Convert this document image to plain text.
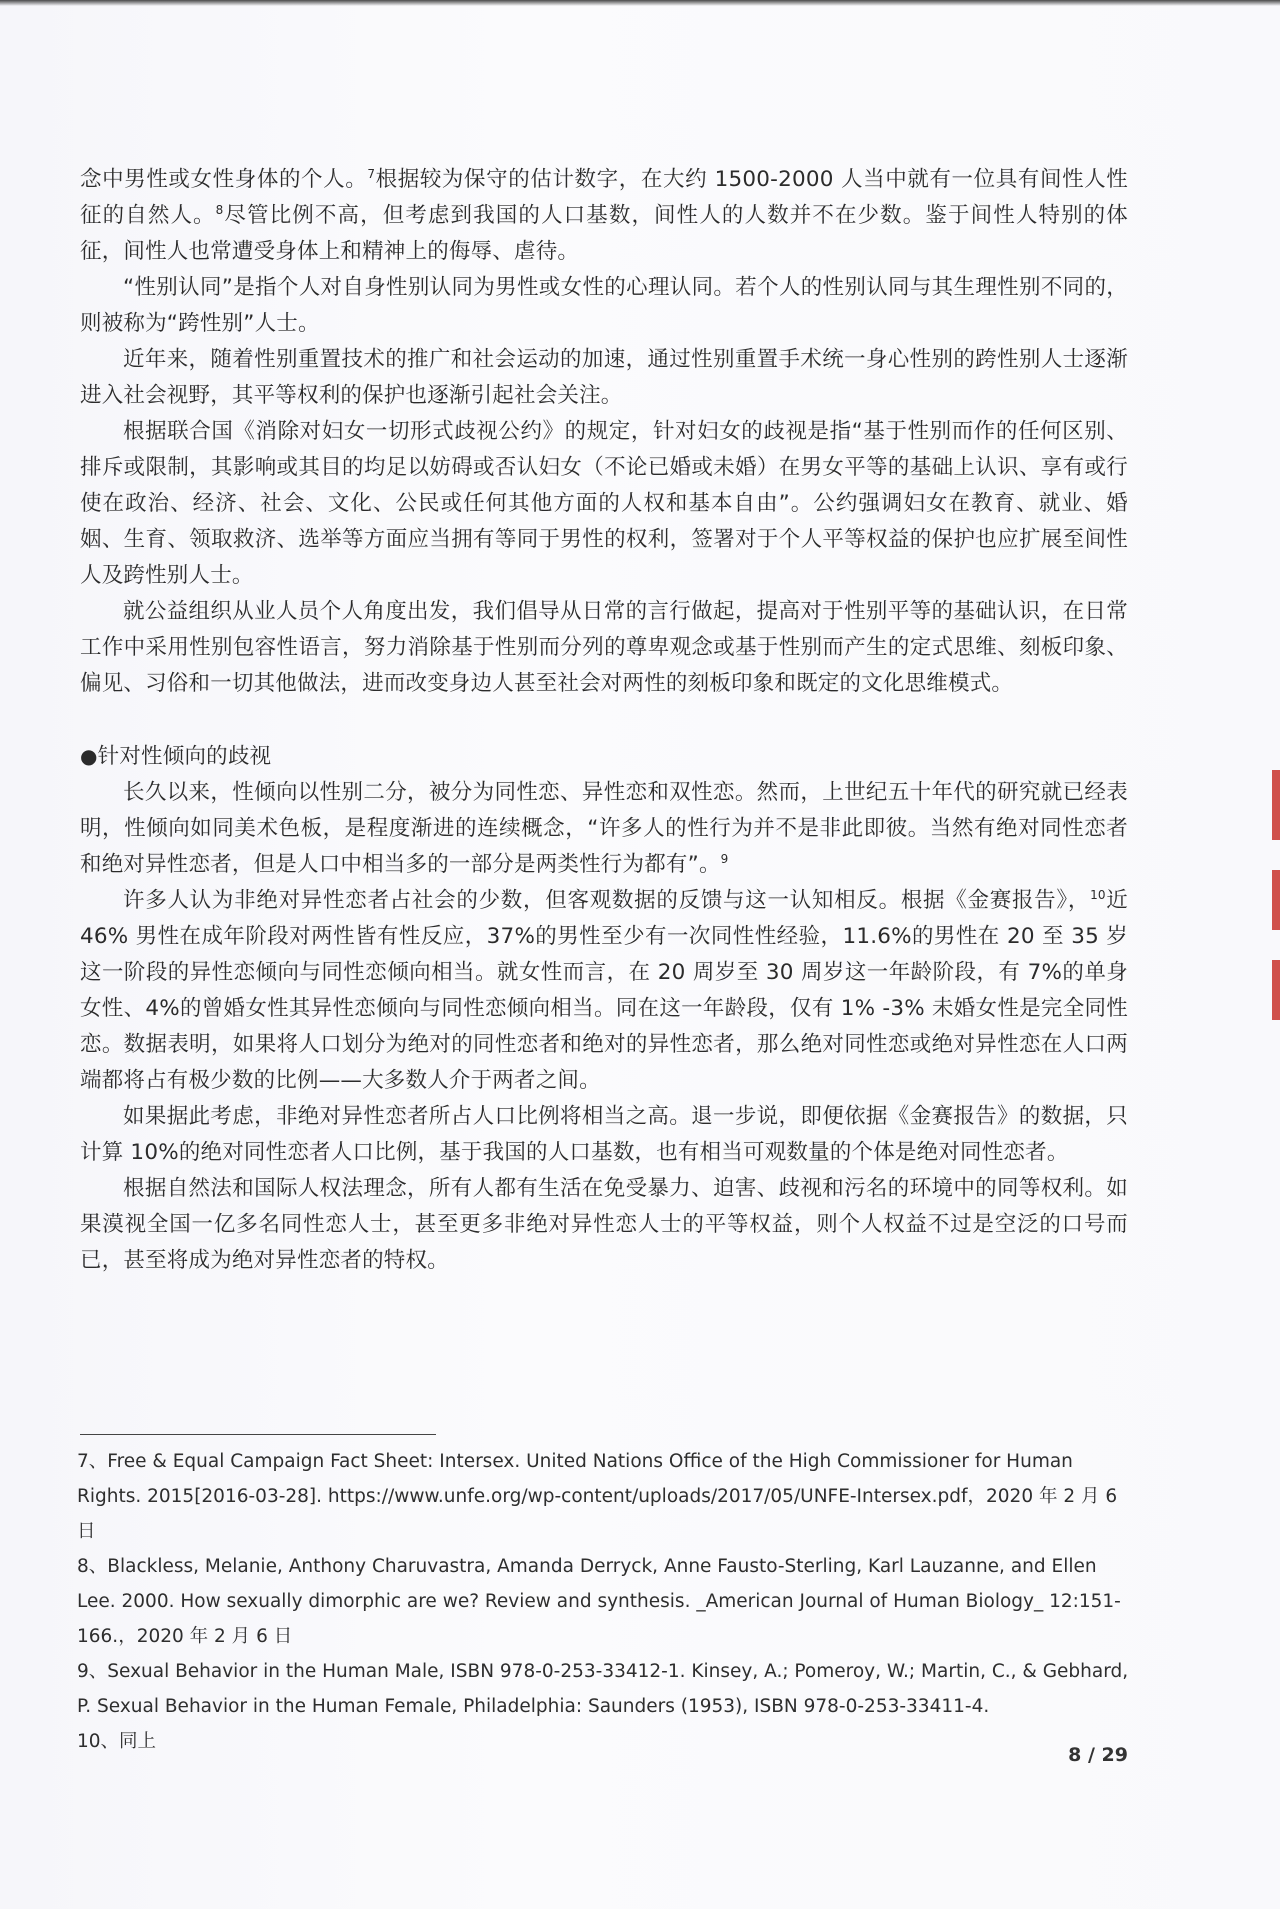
念中男性或女性身体的个人。$^7$根据较为保守的估计数字，在大约 1500-2000 人当中就有一位具有间性人性征的自然人。$^8$尽管比例不高，但考虑到我国的人口基数，间性人的人数并不在少数。鉴于间性人特别的体征，间性人也常遭受身体上和精神上的侮辱、虐待。

“性别认同”是指个人对自身性别认同为男性或女性的心理认同。若个人的性别认同与其生理性别不同的，则被称为“跨性别”人士。

近年来，随着性别重置技术的推广和社会运动的加速，通过性别重置手术统一身心性别的跨性别人士逐渐进入社会视野，其平等权利的保护也逐渐引起社会关注。

根据联合国《消除对妇女一切形式歧视公约》的规定，针对妇女的歧视是指“基于性别而作的任何区别、排斥或限制，其影响或其目的均足以妨碍或否认妇女（不论已婚或未婚）在男女平等的基础上认识、享有或行使在政治、经济、社会、文化、公民或任何其他方面的人权和基本自由”。公约强调妇女在教育、就业、婚姻、生育、领取救济、选举等方面应当拥有等同于男性的权利，签署对于个人平等权益的保护也应扩展至间性人及跨性别人士。

就公益组织从业人员个人角度出发，我们倡导从日常的言行做起，提高对于性别平等的基础认识，在日常工作中采用性别包容性语言，努力消除基于性别而分列的尊卑观念或基于性别而产生的定式思维、刻板印象、偏见、习俗和一切其他做法，进而改变身边人甚至社会对两性的刻板印象和既定的文化思维模式。

●针对性倾向的歧视

长久以来，性倾向以性别二分，被分为同性恋、异性恋和双性恋。然而，上世纪五十年代的研究就已经表明，性倾向如同美术色板，是程度渐进的连续概念，“许多人的性行为并不是非此即彼。当然有绝对同性恋者和绝对异性恋者，但是人口中相当多的一部分是两类性行为都有”。$^9$

许多人认为非绝对异性恋者占社会的少数，但客观数据的反馈与这一认知相反。根据《金赛报告》，$^{10}$近 46% 男性在成年阶段对两性皆有性反应，37%的男性至少有一次同性性经验，11.6%的男性在 20 至 35 岁这一阶段的异性恋倾向与同性恋倾向相当。就女性而言，在 20 周岁至 30 周岁这一年龄阶段，有 7%的单身女性、4%的曾婚女性其异性恋倾向与同性恋倾向相当。同在这一年龄段，仅有 1% -3% 未婚女性是完全同性恋。数据表明，如果将人口划分为绝对的同性恋者和绝对的异性恋者，那么绝对同性恋或绝对异性恋在人口两端都将占有极少数的比例——大多数人介于两者之间。

如果据此考虑，非绝对异性恋者所占人口比例将相当之高。退一步说，即便依据《金赛报告》的数据，只计算 10%的绝对同性恋者人口比例，基于我国的人口基数，也有相当可观数量的个体是绝对同性恋者。

根据自然法和国际人权法理念，所有人都有生活在免受暴力、迫害、歧视和污名的环境中的同等权利。如果漠视全国一亿多名同性恋人士，甚至更多非绝对异性恋人士的平等权益，则个人权益不过是空泛的口号而已，甚至将成为绝对异性恋者的特权。

7、Free & Equal Campaign Fact Sheet: Intersex. United Nations Office of the High Commissioner for Human Rights. 2015[2016-03-28]. https://www.unfe.org/wp-content/uploads/2017/05/UNFE-Intersex.pdf，2020 年 2 月 6 日

8、Blackless, Melanie, Anthony Charuvastra, Amanda Derryck, Anne Fausto-Sterling, Karl Lauzanne, and Ellen Lee. 2000. How sexually dimorphic are we? Review and synthesis. _American Journal of Human Biology_ 12:151-166.，2020 年 2 月 6 日

9、Sexual Behavior in the Human Male, ISBN 978-0-253-33412-1. Kinsey, A.; Pomeroy, W.; Martin, C., & Gebhard, P. Sexual Behavior in the Human Female, Philadelphia: Saunders (1953), ISBN 978-0-253-33411-4.

10、同上

8 / 29
